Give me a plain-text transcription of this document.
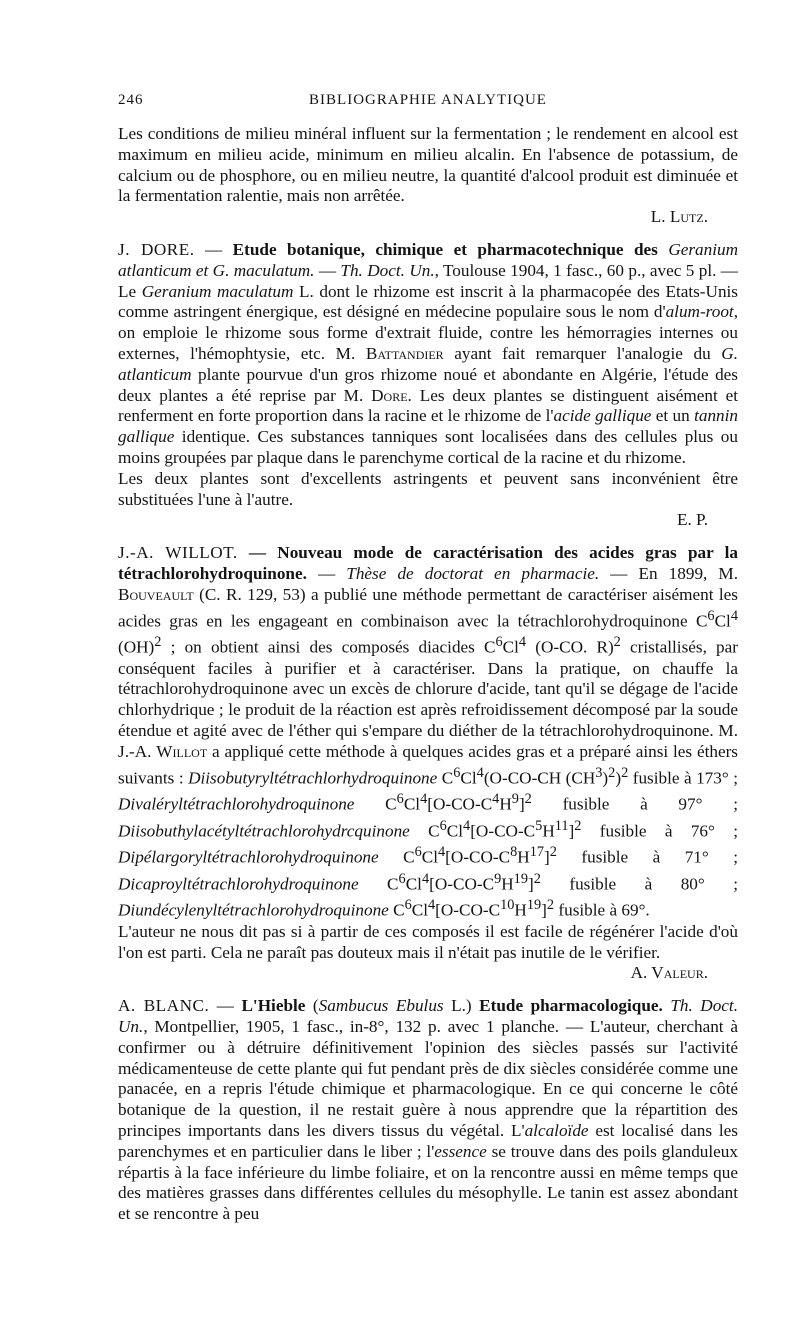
246	BIBLIOGRAPHIE ANALYTIQUE

Les conditions de milieu minéral influent sur la fermentation ; le rendement en alcool est maximum en milieu acide, minimum en milieu alcalin. En l'absence de potassium, de calcium ou de phosphore, ou en milieu neutre, la quantité d'alcool produit est diminuée et la fermentation ralentie, mais non arrêtée.

L. Lutz.

J. DORE. — Etude botanique, chimique et pharmacotechnique des Geranium atlanticum et G. maculatum. — Th. Doct. Un., Toulouse 1904, 1 fasc., 60 p., avec 5 pl. — Le Geranium maculatum L. dont le rhizome est inscrit à la pharmacopée des Etats-Unis comme astringent énergique, est désigné en médecine populaire sous le nom d'alum-root, on emploie le rhizome sous forme d'extrait fluide, contre les hémorragies internes ou externes, l'hémophtysie, etc. M. Battandier ayant fait remarquer l'analogie du G. atlanticum plante pourvue d'un gros rhizome noué et abondante en Algérie, l'étude des deux plantes a été reprise par M. Dore. Les deux plantes se distinguent aisément et renferment en forte proportion dans la racine et le rhizome de l'acide gallique et un tannin gallique identique. Ces substances tanniques sont localisées dans des cellules plus ou moins groupées par plaque dans le parenchyme cortical de la racine et du rhizome.

Les deux plantes sont d'excellents astringents et peuvent sans inconvénient être substituées l'une à l'autre.

E. P.

J.-A. WILLOT. — Nouveau mode de caractérisation des acides gras par la tétrachlorohydroquinone. — Thèse de doctorat en pharmacie. — En 1899, M. Bouveault (C. R. 129, 53) a publié une méthode permettant de caractériser aisément les acides gras en les engageant en combinaison avec la tétrachlorohydroquinone $C^6Cl^4$ (OH)$^2$ ; on obtient ainsi des composés diacides $C^6Cl^4$ (O-CO. R)$^2$ cristallisés, par conséquent faciles à purifier et à caractériser. Dans la pratique, on chauffe la tétrachlorohydroquinone avec un excès de chlorure d'acide, tant qu'il se dégage de l'acide chlorhydrique ; le produit de la réaction est après refroidissement décomposé par la soude étendue et agité avec de l'éther qui s'empare du diéther de la tétrachlorohydroquinone. M. J.-A. Willot a appliqué cette méthode à quelques acides gras et a préparé ainsi les éthers suivants : Diisobutyryltétrachlorhydroquinone $C^6Cl^4(O-CO-CH$ $(CH^3)^2)^2$ fusible à 173° ; Divaléryltétrachlorohydroquinone $C^6Cl^4[O-CO-C^4H^9]^2$ fusible à 97° ; Diisobuthylacétyltétrachlorohydrcquinone $C^6Cl^4[O-CO-C^5H^{11}]^2$ fusible à 76° ; Dipélargoryltétrachlorohydroquinone $C^6Cl^4[O-CO-C^8H^{17}]^2$ fusible à 71° ; Dicaproyltétrachlorohydroquinone $C^6Cl^4[O-CO-C^9H^{19}]^2$ fusible à 80° ; Diundécylenyltétrachlorohydroquinone $C^6Cl^4[O-CO-C^{10}H^{19}]^2$ fusible à 69°.

L'auteur ne nous dit pas si à partir de ces composés il est facile de régénérer l'acide d'où l'on est parti. Cela ne paraît pas douteux mais il n'était pas inutile de le vérifier.

A. Valeur.

A. BLANC. — L'Hieble (Sambucus Ebulus L.) Etude pharmacologique. Th. Doct. Un., Montpellier, 1905, 1 fasc., in-8°, 132 p. avec 1 planche. — L'auteur, cherchant à confirmer ou à détruire définitivement l'opinion des siècles passés sur l'activité médicamenteuse de cette plante qui fut pendant près de dix siècles considérée comme une panacée, en a repris l'étude chimique et pharmacologique. En ce qui concerne le côté botanique de la question, il ne restait guère à nous apprendre que la répartition des principes importants dans les divers tissus du végétal. L'alcaloïde est localisé dans les parenchymes et en particulier dans le liber ; l'essence se trouve dans des poils glanduleux répartis à la face inférieure du limbe foliaire, et on la rencontre aussi en même temps que des matières grasses dans différentes cellules du mésophylle. Le tanin est assez abondant et se rencontre à peu
